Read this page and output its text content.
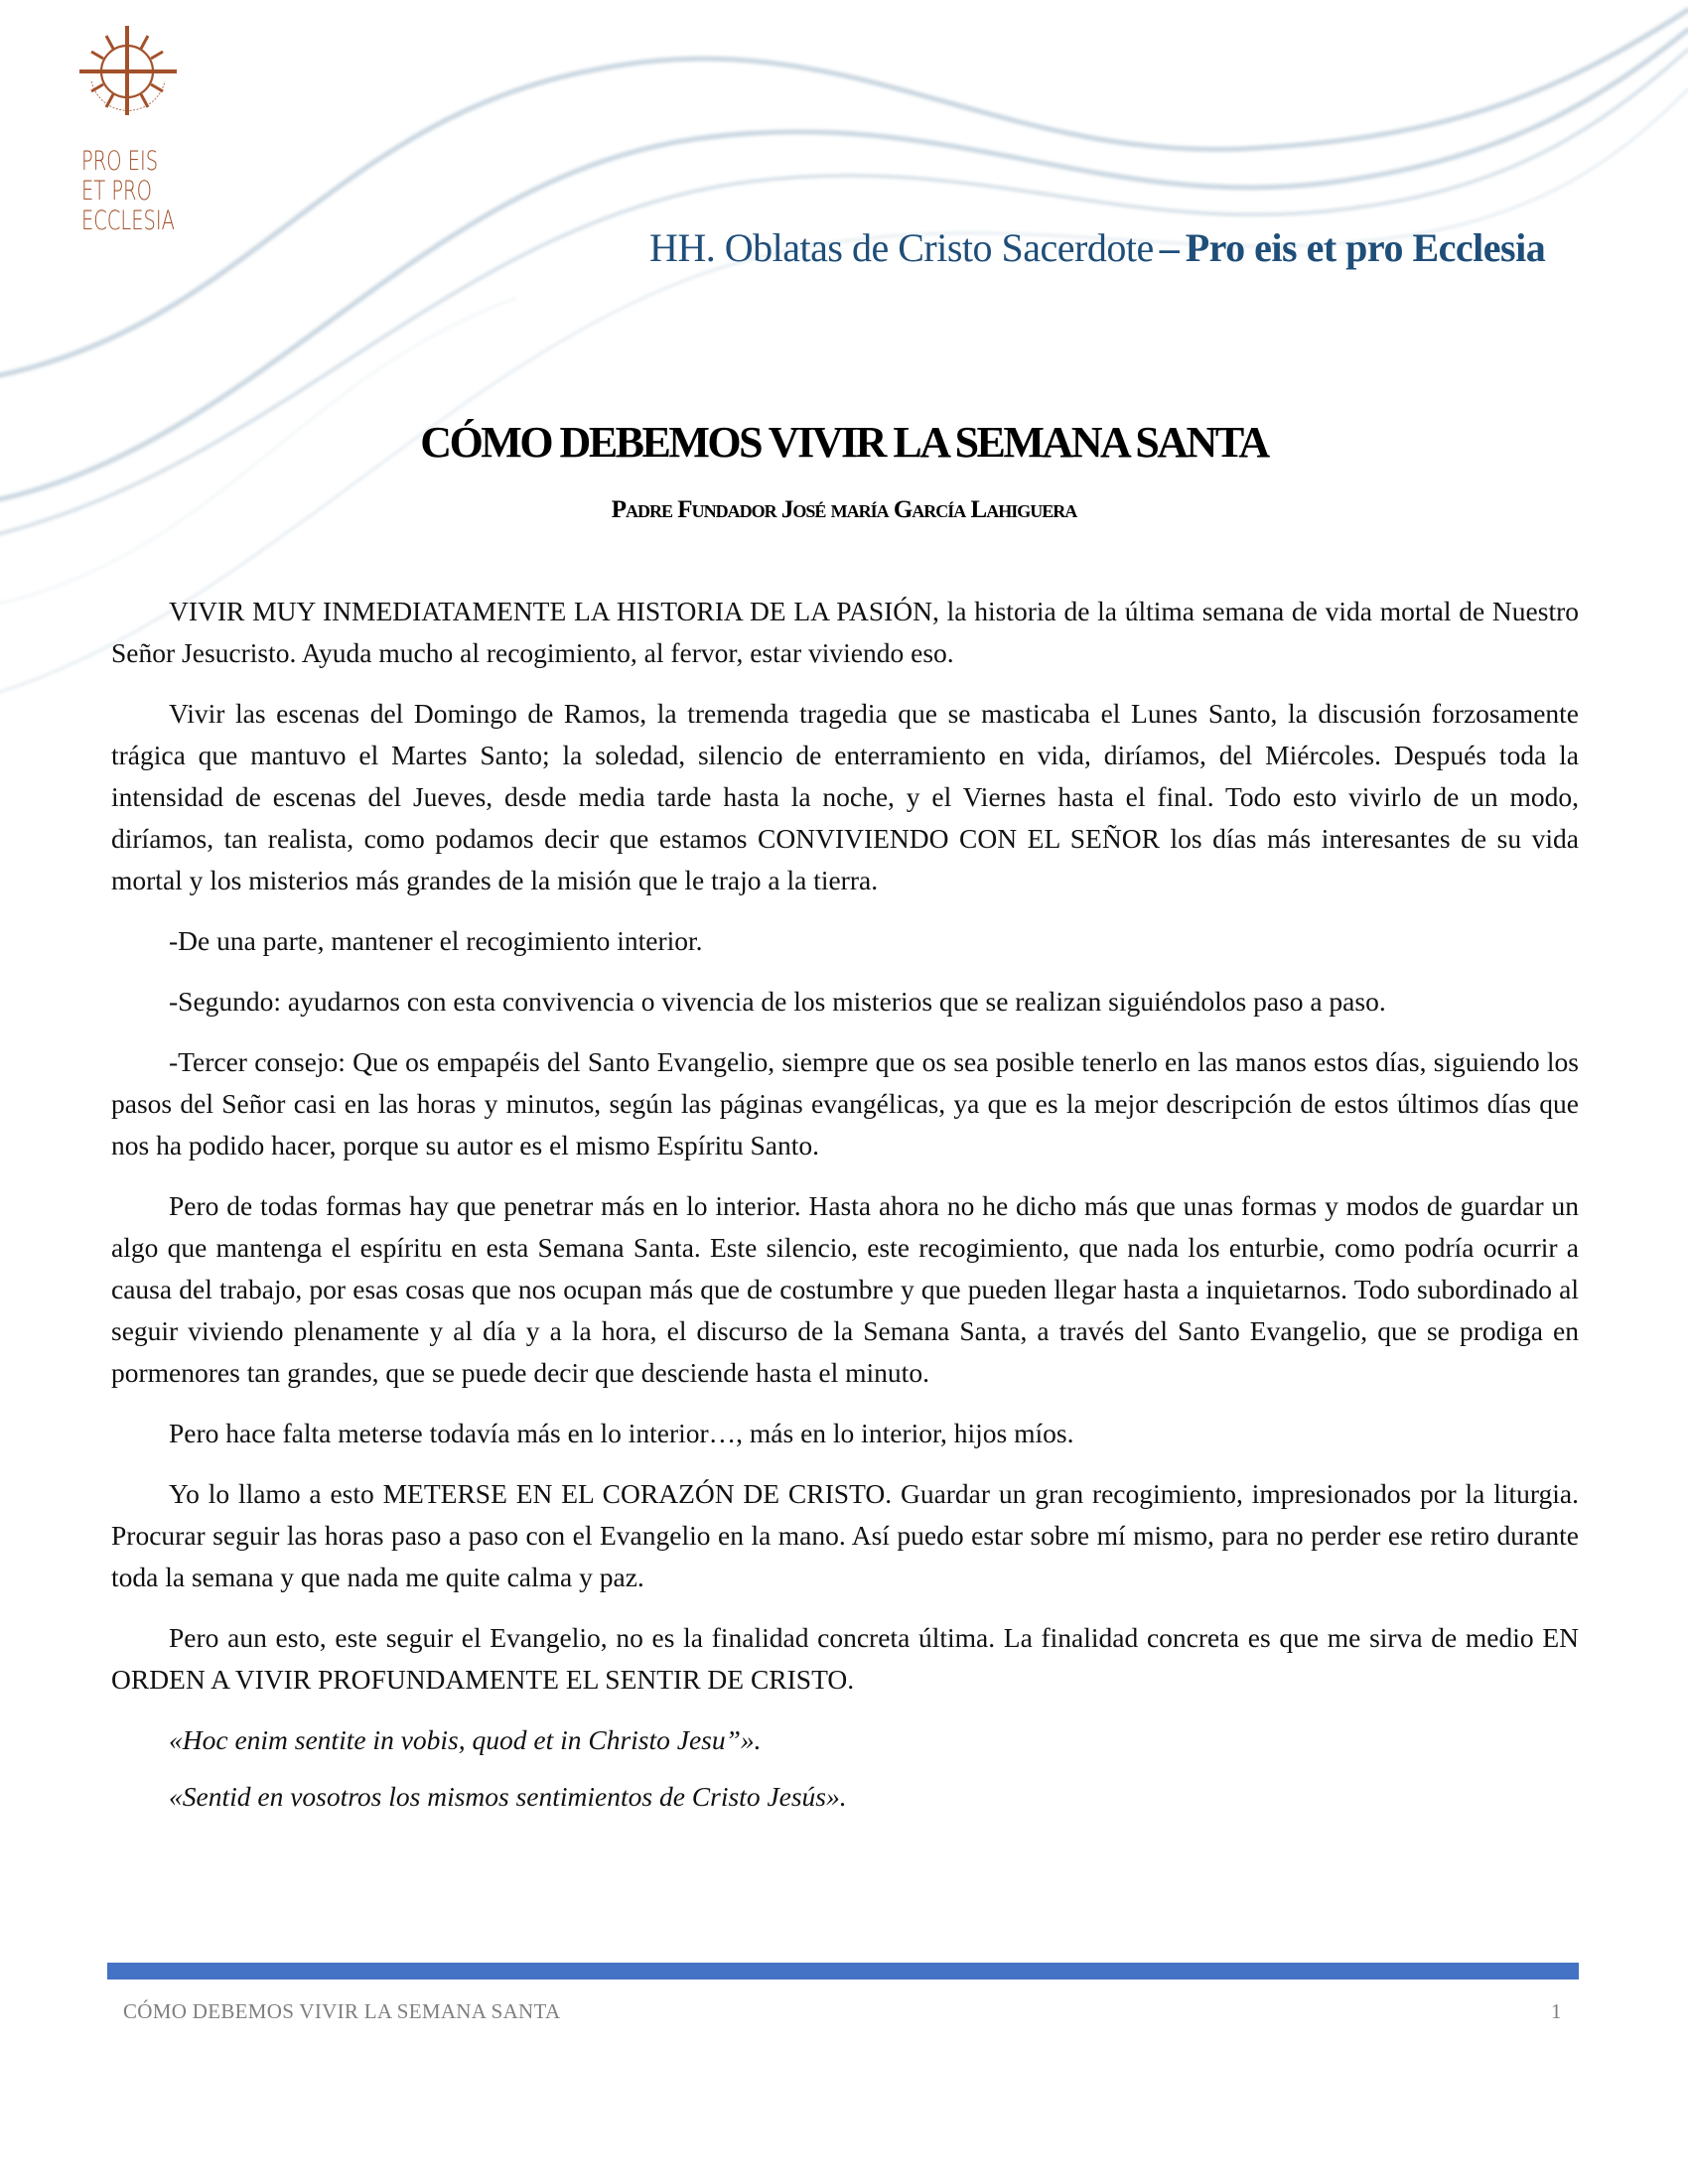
PRO EIS
ET PRO
ECCLESIA
HH. Oblatas de Cristo Sacerdote – Pro eis et pro Ecclesia
CÓMO DEBEMOS VIVIR LA SEMANA SANTA
Padre Fundador José maría García Lahiguera

VIVIR MUY INMEDIATAMENTE LA HISTORIA DE LA PASIÓN, la historia de la última semana de vida mortal de Nuestro Señor Jesucristo. Ayuda mucho al recogimiento, al fervor, estar viviendo eso.

Vivir las escenas del Domingo de Ramos, la tremenda tragedia que se masticaba el Lunes Santo, la discusión forzosamente trágica que mantuvo el Martes Santo; la soledad, silencio de enterramiento en vida, diríamos, del Miércoles. Después toda la intensidad de escenas del Jueves, desde media tarde hasta la noche, y el Viernes hasta el final. Todo esto vivirlo de un modo, diríamos, tan realista, como podamos decir que estamos CONVIVIENDO CON EL SEÑOR los días más interesantes de su vida mortal y los misterios más grandes de la misión que le trajo a la tierra.

-De una parte, mantener el recogimiento interior.

-Segundo: ayudarnos con esta convivencia o vivencia de los misterios que se realizan siguiéndolos paso a paso.

-Tercer consejo: Que os empapéis del Santo Evangelio, siempre que os sea posible tenerlo en las manos estos días, siguiendo los pasos del Señor casi en las horas y minutos, según las páginas evangélicas, ya que es la mejor descripción de estos últimos días que nos ha podido hacer, porque su autor es el mismo Espíritu Santo.

Pero de todas formas hay que penetrar más en lo interior. Hasta ahora no he dicho más que unas formas y modos de guardar un algo que mantenga el espíritu en esta Semana Santa. Este silencio, este recogimiento, que nada los enturbie, como podría ocurrir a causa del trabajo, por esas cosas que nos ocupan más que de costumbre y que pueden llegar hasta a inquietarnos. Todo subordinado al seguir viviendo plenamente y al día y a la hora, el discurso de la Semana Santa, a través del Santo Evangelio, que se prodiga en pormenores tan grandes, que se puede decir que desciende hasta el minuto.

Pero hace falta meterse todavía más en lo interior…, más en lo interior, hijos míos.

Yo lo llamo a esto METERSE EN EL CORAZÓN DE CRISTO. Guardar un gran recogimiento, impresionados por la liturgia. Procurar seguir las horas paso a paso con el Evangelio en la mano. Así puedo estar sobre mí mismo, para no perder ese retiro durante toda la semana y que nada me quite calma y paz.

Pero aun esto, este seguir el Evangelio, no es la finalidad concreta última. La finalidad concreta es que me sirva de medio EN ORDEN A VIVIR PROFUNDAMENTE EL SENTIR DE CRISTO.

«Hoc enim sentite in vobis, quod et in Christo Jesu”».

«Sentid en vosotros los mismos sentimientos de Cristo Jesús».

CÓMO DEBEMOS VIVIR LA SEMANA SANTA	1
